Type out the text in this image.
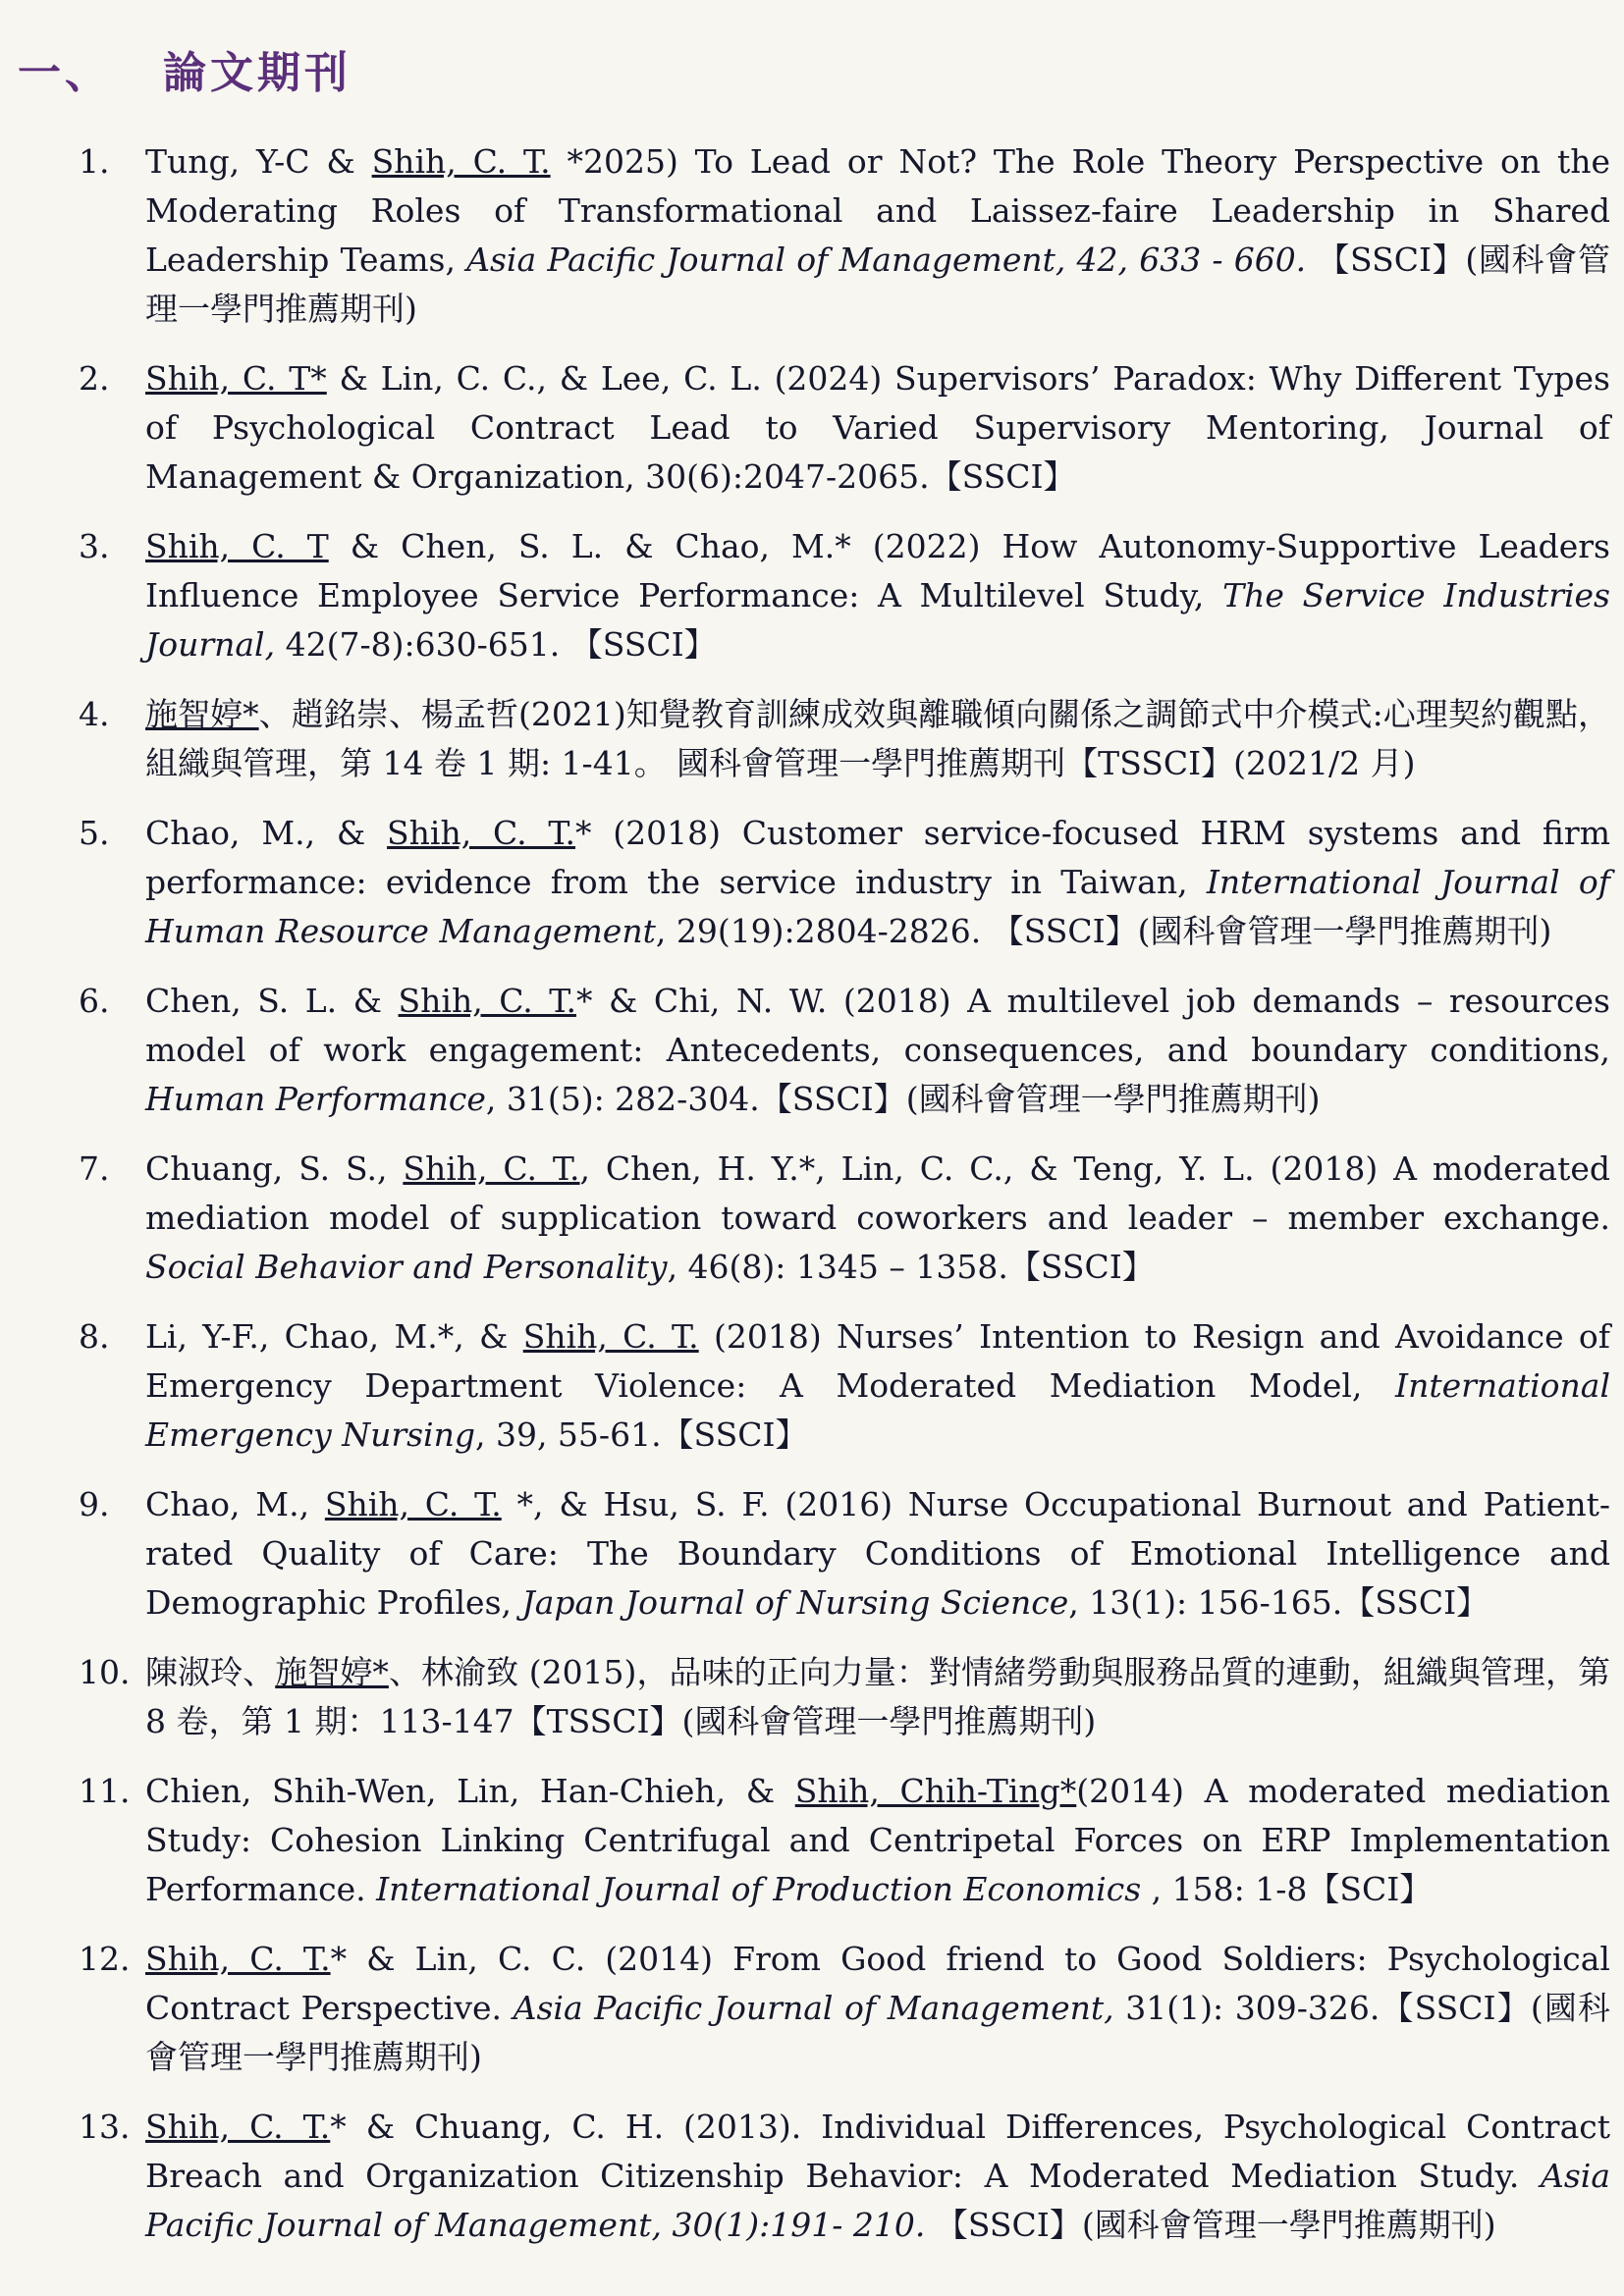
一、 論文期刊
1. Tung, Y-C & Shih, C. T. *2025) To Lead or Not? The Role Theory Perspective on the Moderating Roles of Transformational and Laissez-faire Leadership in Shared Leadership Teams, Asia Pacific Journal of Management, 42, 633 - 660. 【SSCI】(國科會管理一學門推薦期刊)
2. Shih, C. T* & Lin, C. C., & Lee, C. L. (2024) Supervisors’ Paradox: Why Different Types of Psychological Contract Lead to Varied Supervisory Mentoring, Journal of Management & Organization, 30(6):2047-2065.【SSCI】
3. Shih, C. T & Chen, S. L. & Chao, M.* (2022) How Autonomy-Supportive Leaders Influence Employee Service Performance: A Multilevel Study, The Service Industries Journal, 42(7-8):630-651. 【SSCI】
4. 施智婷*、趙銘崇、楊孟哲(2021)知覺教育訓練成效與離職傾向關係之調節式中介模式:心理契約觀點，組織與管理，第 14 卷 1 期: 1-41。 國科會管理一學門推薦期刊【TSSCI】(2021/2 月)
5. Chao, M., & Shih, C. T.* (2018) Customer service-focused HRM systems and firm performance: evidence from the service industry in Taiwan, International Journal of Human Resource Management, 29(19):2804-2826. 【SSCI】(國科會管理一學門推薦期刊)
6. Chen, S. L. & Shih, C. T.* & Chi, N. W. (2018) A multilevel job demands – resources model of work engagement: Antecedents, consequences, and boundary conditions, Human Performance, 31(5): 282-304.【SSCI】(國科會管理一學門推薦期刊)
7. Chuang, S. S., Shih, C. T., Chen, H. Y.*, Lin, C. C., & Teng, Y. L. (2018) A moderated mediation model of supplication toward coworkers and leader – member exchange. Social Behavior and Personality, 46(8): 1345 – 1358.【SSCI】
8. Li, Y-F., Chao, M.*, & Shih, C. T. (2018) Nurses’ Intention to Resign and Avoidance of Emergency Department Violence: A Moderated Mediation Model, International Emergency Nursing, 39, 55-61.【SSCI】
9. Chao, M., Shih, C. T. *, & Hsu, S. F. (2016) Nurse Occupational Burnout and Patient-rated Quality of Care: The Boundary Conditions of Emotional Intelligence and Demographic Profiles, Japan Journal of Nursing Science, 13(1): 156-165.【SSCI】
10. 陳淑玲、施智婷*、林渝致 (2015)，品味的正向力量：對情緒勞動與服務品質的連動，組織與管理，第 8 卷，第 1 期：113-147【TSSCI】(國科會管理一學門推薦期刊)
11. Chien, Shih-Wen, Lin, Han-Chieh, & Shih, Chih-Ting*(2014) A moderated mediation Study: Cohesion Linking Centrifugal and Centripetal Forces on ERP Implementation Performance. International Journal of Production Economics , 158: 1-8【SCI】
12. Shih, C. T.* & Lin, C. C. (2014) From Good friend to Good Soldiers: Psychological Contract Perspective. Asia Pacific Journal of Management, 31(1): 309-326.【SSCI】(國科會管理一學門推薦期刊)
13. Shih, C. T.* & Chuang, C. H. (2013). Individual Differences, Psychological Contract Breach and Organization Citizenship Behavior: A Moderated Mediation Study. Asia Pacific Journal of Management, 30(1):191- 210. 【SSCI】(國科會管理一學門推薦期刊)
